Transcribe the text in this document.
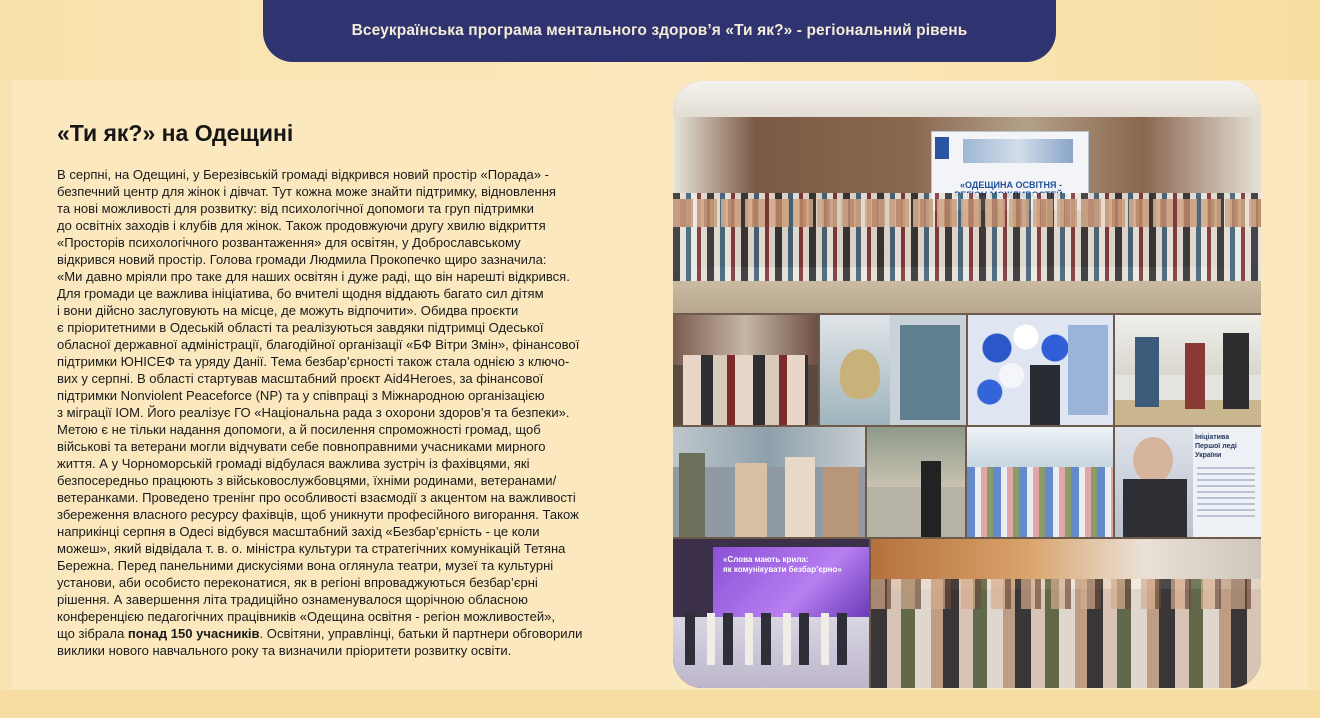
Всеукраїнська програма ментального здоров’я «Ти як?» - регіональний рівень
«Ти як?» на Одещині

В серпні, на Одещині, у Березівській громаді відкрився новий простір «Порада» -
безпечний центр для жінок і дівчат. Тут кожна може знайти підтримку, відновлення
та нові можливості для розвитку: від психологічної допомоги та груп підтримки
до освітніх заходів і клубів для жінок. Також продовжуючи другу хвилю відкриття
«Просторів психологічного розвантаження» для освітян, у Доброславському
відкрився новий простір. Голова громади Людмила Прокопечко щиро зазначила:
«Ми давно мріяли про таке для наших освітян і дуже раді, що він нарешті відкрився.
Для громади це важлива ініціатива, бо вчителі щодня віддають багато сил дітям
і вони дійсно заслуговують на місце, де можуть відпочити». Обидва проєкти
є пріоритетними в Одеській області та реалізуються завдяки підтримці Одеської
обласної державної адміністрації, благодійної організації «БФ Вітри Змін», фінансової
підтримки ЮНІСЕФ та уряду Данії. Тема безбар’єрності також стала однією з ключо-
вих у серпні. В області стартував масштабний проєкт Aid4Heroes, за фінансової
підтримки Nonviolent Peaceforce (NP) та у співпраці з Міжнародною організацією
з міграції IOM. Його реалізує ГО «Національна рада з охорони здоров’я та безпеки».
Метою є не тільки надання допомоги, а й посилення спроможності громад, щоб
військові та ветерани могли відчувати себе повноправними учасниками мирного
життя. А у Чорноморській громаді відбулася важлива зустріч із фахівцями, які
безпосередньо працюють з військовослужбовцями, їхніми родинами, ветеранами/
ветеранками. Проведено тренінг про особливості взаємодії з акцентом на важливості
збереження власного ресурсу фахівців, щоб уникнути професійного вигорання. Також
наприкінці серпня в Одесі відбувся масштабний захід «Безбар’єрність - це коли
можеш», який відвідала т. в. о. міністра культури та стратегічних комунікацій Тетяна
Бережна. Перед панельними дискусіями вона оглянула театри, музеї та культурні
установи, аби особисто переконатися, як в регіоні впроваджуються безбар’єрні
рішення. А завершення літа традиційно ознаменувалося щорічною обласною
конференцією педагогічних працівників «Одещина освітня - регіон можливостей»,
що зібрала понад 150 учасників. Освітяни, управлінці, батьки й партнери обговорили
виклики нового навчального року та визначили пріоритети розвитку освіти.

«ОДЕЩИНА ОСВІТНЯ -
Ініціатива
Першої леді України
«Слова мають крила:
як комунікувати безбар’єрно»
